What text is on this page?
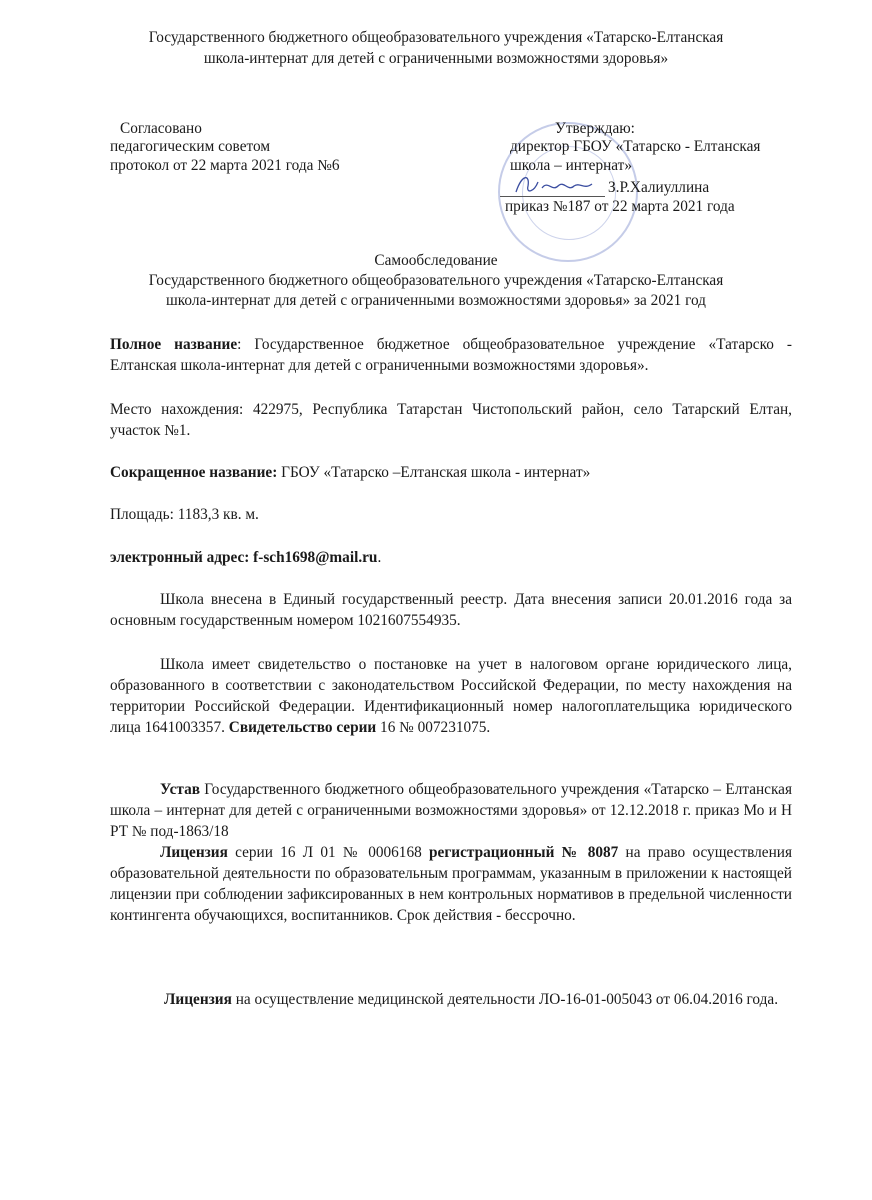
Государственного бюджетного общеобразовательного учреждения «Татарско-Елтанская
школа-интернат для детей с ограниченными возможностями здоровья»
Согласовано
педагогическим советом
протокол от 22 марта 2021 года №6
Утверждаю:
директор ГБОУ «Татарско - Елтанская
школа – интернат»
З.Р.Халиуллина
приказ №187 от 22 марта 2021 года
Самообследование
Государственного бюджетного общеобразовательного учреждения «Татарско-Елтанская
школа-интернат для детей с ограниченными возможностями здоровья» за 2021 год
Полное название: Государственное бюджетное общеобразовательное учреждение «Татарско - Елтанская школа-интернат для детей с ограниченными возможностями здоровья».
Место нахождения: 422975, Республика Татарстан Чистопольский район, село Татарский Елтан, участок №1.
Сокращенное название: ГБОУ «Татарско –Елтанская школа - интернат»
Площадь: 1183,3 кв. м.
электронный адрес: f-sch1698@mail.ru.
Школа внесена в Единый государственный реестр. Дата внесения записи 20.01.2016 года за основным государственным номером 1021607554935.
Школа имеет свидетельство о постановке на учет в налоговом органе юридического лица, образованного в соответствии с законодательством Российской Федерации, по месту нахождения на территории Российской Федерации. Идентификационный номер налогоплательщика юридического лица 1641003357. Свидетельство серии 16 № 007231075.
Устав Государственного бюджетного общеобразовательного учреждения «Татарско – Елтанская школа – интернат для детей с ограниченными возможностями здоровья» от 12.12.2018 г. приказ Мо и Н РТ № под-1863/18
Лицензия серии 16 Л 01 № 0006168 регистрационный № 8087 на право осуществления образовательной деятельности по образовательным программам, указанным в приложении к настоящей лицензии при соблюдении зафиксированных в нем контрольных нормативов в предельной численности контингента обучающихся, воспитанников. Срок действия - бессрочно.
Лицензия на осуществление медицинской деятельности ЛО-16-01-005043 от 06.04.2016 года.
